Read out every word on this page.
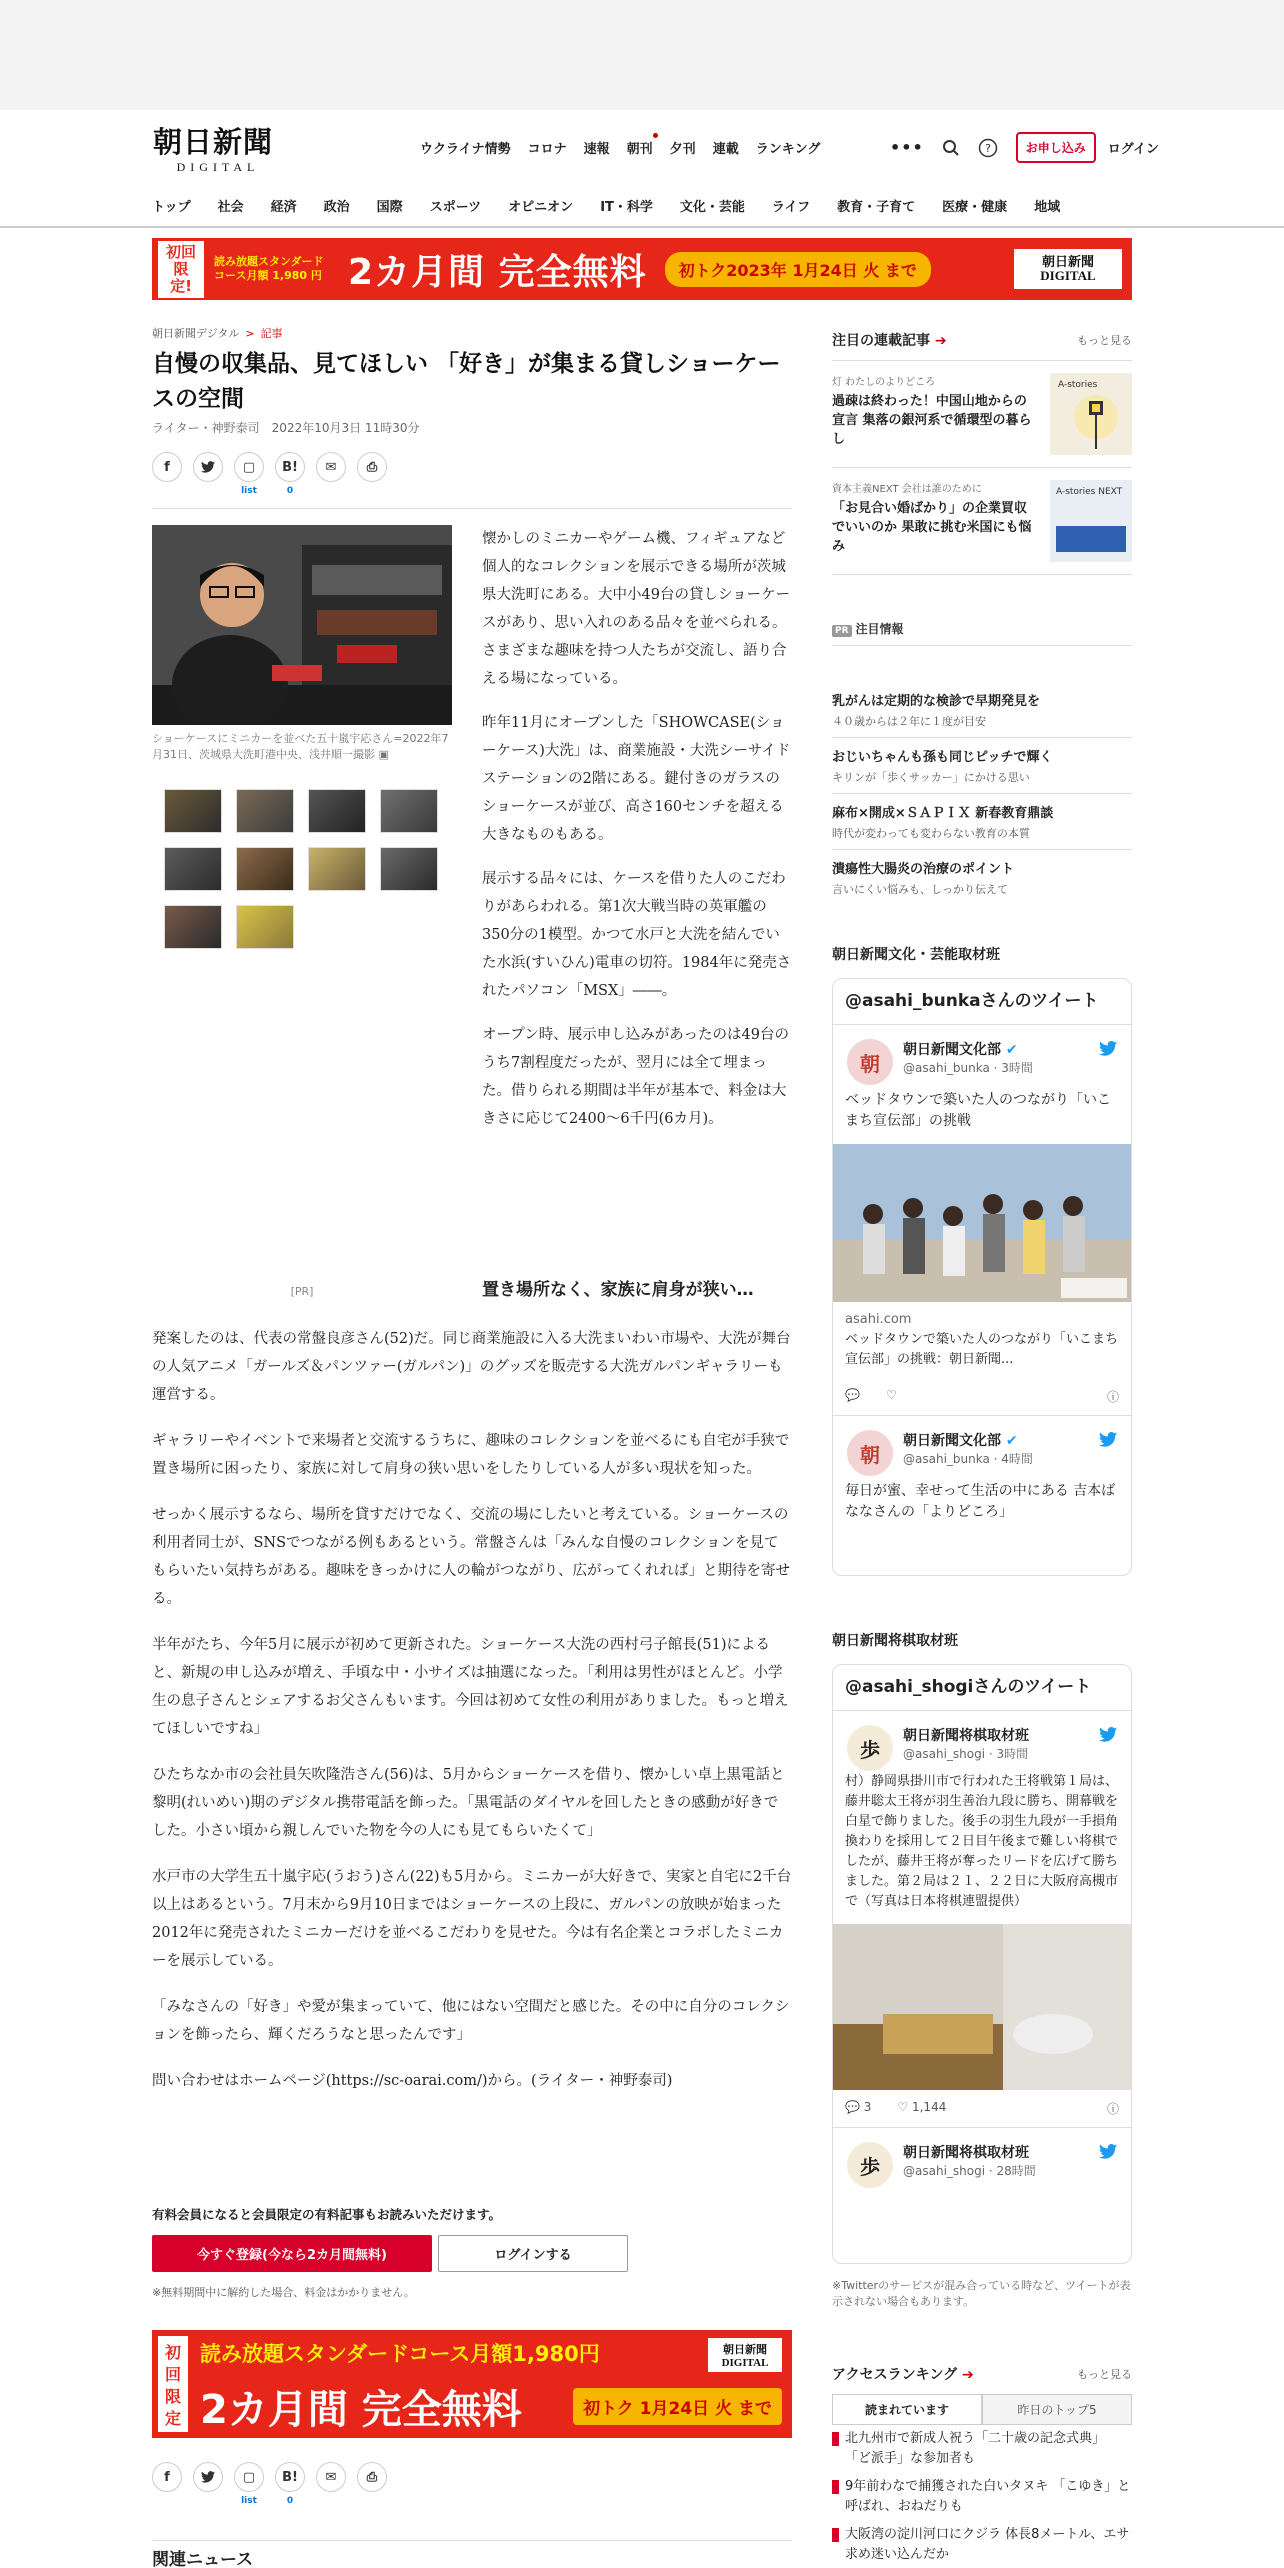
朝日新聞
DIGITAL
ウクライナ情勢 コロナ 速報 朝刊 夕刊 連載 ランキング	•••	?	お申し込み	ログイン
トップ 社会 経済 政治 国際 スポーツ オピニオン IT・科学 文化・芸能 ライフ 教育・子育て 医療・健康 地域
初回限定!
読み放題スタンダードコース月額 1,980 円 2カ月間 完全無料	初トク2023年 1月24日 火 まで	朝日新聞 DIGITAL
朝日新聞デジタル > 記事
自慢の収集品、見てほしい 「好き」が集まる貸しショーケースの空間
ライター・神野泰司　 2022年10月3日 11時30分
f	▢
list
B!
0
✉	⎙
ショーケースにミニカーを並べた五十嵐宇応さん=2022年7月31日、茨城県大洗町港中央、浅井順一撮影 ▣
[PR]

懐かしのミニカーやゲーム機、フィギュアなど個人的なコレクションを展示できる場所が茨城県大洗町にある。大中小49台の貸しショーケースがあり、思い入れのある品々を並べられる。さまざまな趣味を持つ人たちが交流し、語り合える場になっている。

昨年11月にオープンした「SHOWCASE(ショーケース)大洗」は、商業施設・大洗シーサイドステーションの2階にある。鍵付きのガラスのショーケースが並び、高さ160センチを超える大きなものもある。

展示する品々には、ケースを借りた人のこだわりがあらわれる。第1次大戦当時の英軍艦の350分の1模型。かつて水戸と大洗を結んでいた水浜(すいひん)電車の切符。1984年に発売されたパソコン「MSX」――。

オープン時、展示申し込みがあったのは49台のうち7割程度だったが、翌月には全て埋まった。借りられる期間は半年が基本で、料金は大きさに応じて2400～6千円(6カ月)。

置き場所なく、家族に肩身が狭い…

発案したのは、代表の常盤良彦さん(52)だ。同じ商業施設に入る大洗まいわい市場や、大洗が舞台の人気アニメ「ガールズ＆パンツァー(ガルパン)」のグッズを販売する大洗ガルパンギャラリーも運営する。

ギャラリーやイベントで来場者と交流するうちに、趣味のコレクションを並べるにも自宅が手狭で置き場所に困ったり、家族に対して肩身の狭い思いをしたりしている人が多い現状を知った。

せっかく展示するなら、場所を貸すだけでなく、交流の場にしたいと考えている。ショーケースの利用者同士が、SNSでつながる例もあるという。常盤さんは「みんな自慢のコレクションを見てもらいたい気持ちがある。趣味をきっかけに人の輪がつながり、広がってくれれば」と期待を寄せる。

半年がたち、今年5月に展示が初めて更新された。ショーケース大洗の西村弓子館長(51)によると、新規の申し込みが増え、手頃な中・小サイズは抽選になった。「利用は男性がほとんど。小学生の息子さんとシェアするお父さんもいます。今回は初めて女性の利用がありました。もっと増えてほしいですね」

ひたちなか市の会社員矢吹隆浩さん(56)は、5月からショーケースを借り、懐かしい卓上黒電話と黎明(れいめい)期のデジタル携帯電話を飾った。「黒電話のダイヤルを回したときの感動が好きでした。小さい頃から親しんでいた物を今の人にも見てもらいたくて」

水戸市の大学生五十嵐宇応(うおう)さん(22)も5月から。ミニカーが大好きで、実家と自宅に2千台以上はあるという。7月末から9月10日まではショーケースの上段に、ガルパンの放映が始まった2012年に発売されたミニカーだけを並べるこだわりを見せた。今は有名企業とコラボしたミニカーを展示している。

「みなさんの「好き」や愛が集まっていて、他にはない空間だと感じた。その中に自分のコレクションを飾ったら、輝くだろうなと思ったんです」

問い合わせはホームページ(https://sc-oarai.com/)から。(ライター・神野泰司)

有料会員になると会員限定の有料記事もお読みいただけます。
今すぐ登録(今なら2カ月間無料)	ログインする
※無料期間中に解約した場合、料金はかかりません。
初回限定
読み放題スタンダードコース月額1,980円	朝日新聞 DIGITAL
2カ月間 完全無料	初トク 1月24日 火 まで
f	▢
list
B!
0
✉	⎙
関連ニュース
注目の連載記事 ➔	もっと見る
灯 わたしのよりどころ
過疎は終わった！中国山地からの宣言 集落の銀河系で循環型の暮らし
A-stories
資本主義NEXT 会社は誰のために
「お見合い婚ばかり」の企業買収でいいのか 果敢に挑む米国にも悩み
A-stories NEXT
PR 注目情報
乳がんは定期的な検診で早期発見を
４０歳からは２年に１度が目安
おじいちゃんも孫も同じピッチで輝く
キリンが「歩くサッカー」にかける思い
麻布×開成×ＳＡＰＩＸ 新春教育鼎談
時代が変わっても変わらない教育の本質
潰瘍性大腸炎の治療のポイント
言いにくい悩みも、しっかり伝えて
朝日新聞文化・芸能取材班
@asahi_bunkaさんのツイート
朝
朝日新聞文化部 ✔
@asahi_bunka · 3時間
ベッドタウンで築いた人のつながり「いこまち宣伝部」の挑戦
asahi.com
ベッドタウンで築いた人のつながり「いこまち宣伝部」の挑戦：朝日新聞...
💬 ♡	ⓘ
朝
朝日新聞文化部 ✔
@asahi_bunka · 4時間
毎日が蜜、幸せって生活の中にある 吉本ばななさんの「よりどころ」
朝日新聞将棋取材班
@asahi_shogiさんのツイート
歩
朝日新聞将棋取材班
@asahi_shogi · 3時間
村）静岡県掛川市で行われた王将戦第１局は、藤井聡太王将が羽生善治九段に勝ち、開幕戦を白星で飾りました。後手の羽生九段が一手損角換わりを採用して２日目午後まで難しい将棋でしたが、藤井王将が奪ったリードを広げて勝ちました。第２局は２１、２２日に大阪府高槻市で（写真は日本将棋連盟提供）
💬 3 ♡ 1,144	ⓘ
歩
朝日新聞将棋取材班
@asahi_shogi · 28時間
※Twitterのサービスが混み合っている時など、ツイートが表示されない場合もあります。
アクセスランキング ➔	もっと見る
読まれています	昨日のトップ5
北九州市で新成人祝う「二十歳の記念式典」 「ど派手」な参加者も
9年前わなで捕獲された白いタヌキ 「こゆき」と呼ばれ、おねだりも
大阪湾の淀川河口にクジラ 体長8メートル、エサ求め迷い込んだか
